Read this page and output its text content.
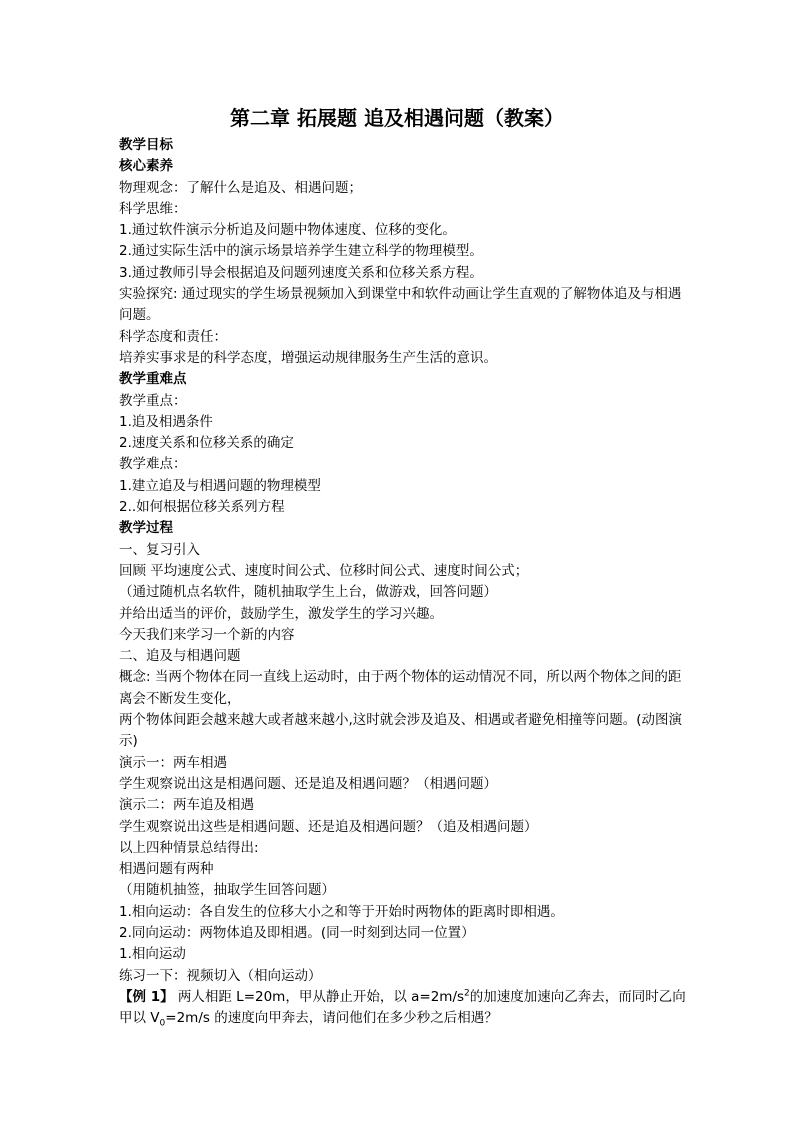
第二章 拓展题 追及相遇问题（教案）
教学目标
核心素养
物理观念：了解什么是追及、相遇问题；
科学思维：
1.通过软件演示分析追及问题中物体速度、位移的变化。
2.通过实际生活中的演示场景培养学生建立科学的物理模型。
3.通过教师引导会根据追及问题列速度关系和位移关系方程。
实验探究: 通过现实的学生场景视频加入到课堂中和软件动画让学生直观的了解物体追及与相遇问题。
科学态度和责任：
培养实事求是的科学态度，增强运动规律服务生产生活的意识。
教学重难点
教学重点：
1.追及相遇条件
2.速度关系和位移关系的确定
教学难点：
1.建立追及与相遇问题的物理模型
2..如何根据位移关系列方程
教学过程
一、复习引入
回顾 平均速度公式、速度时间公式、位移时间公式、速度时间公式；
（通过随机点名软件，随机抽取学生上台，做游戏，回答问题）
并给出适当的评价，鼓励学生，激发学生的学习兴趣。
今天我们来学习一个新的内容
二、追及与相遇问题
概念: 当两个物体在同一直线上运动时，由于两个物体的运动情况不同，所以两个物体之间的距离会不断发生变化，
两个物体间距会越来越大或者越来越小,这时就会涉及追及、相遇或者避免相撞等问题。(动图演示)
演示一：两车相遇
学生观察说出这是相遇问题、还是追及相遇问题？（相遇问题）
演示二：两车追及相遇
学生观察说出这些是相遇问题、还是追及相遇问题？（追及相遇问题）
以上四种情景总结得出:
相遇问题有两种
（用随机抽签，抽取学生回答问题）
1.相向运动：各自发生的位移大小之和等于开始时两物体的距离时即相遇。
2.同向运动：两物体追及即相遇。(同一时刻到达同一位置）
1.相向运动
练习一下：视频切入（相向运动）
【例 1】 两人相距 L=20m，甲从静止开始，以 $a=2m/s^2$的加速度加速向乙奔去，而同时乙向甲以 $V_0=2m/s$ 的速度向甲奔去，请问他们在多少秒之后相遇？
